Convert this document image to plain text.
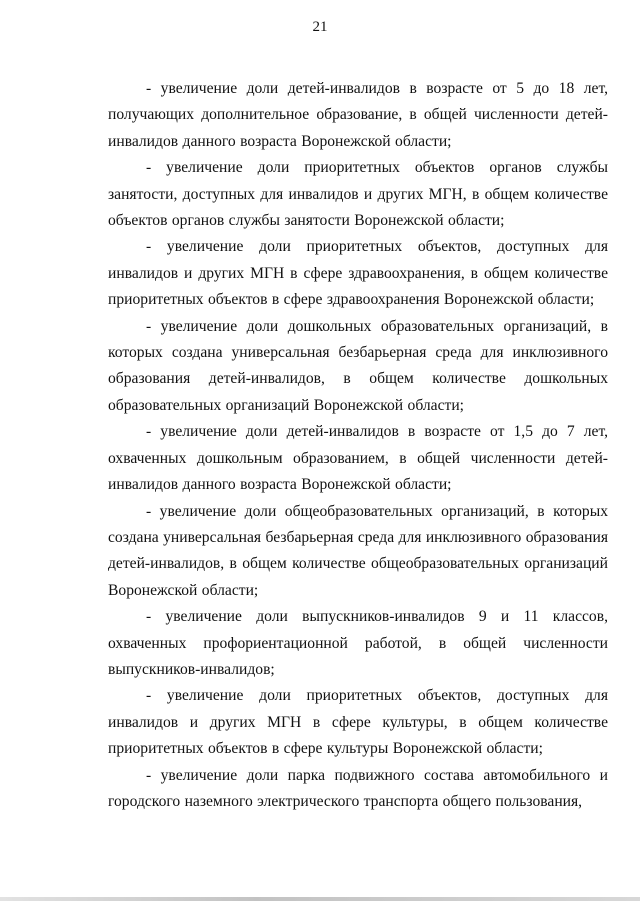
21

- увеличение доли детей-инвалидов в возрасте от 5 до 18 лет, получающих дополнительное образование, в общей численности детей-инвалидов данного возраста Воронежской области;

- увеличение доли приоритетных объектов органов службы занятости, доступных для инвалидов и других МГН, в общем количестве объектов органов службы занятости Воронежской области;

- увеличение доли приоритетных объектов, доступных для инвалидов и других МГН в сфере здравоохранения, в общем количестве приоритетных объектов в сфере здравоохранения Воронежской области;

- увеличение доли дошкольных образовательных организаций, в которых создана универсальная безбарьерная среда для инклюзивного образования детей-инвалидов, в общем количестве дошкольных образовательных организаций Воронежской области;

- увеличение доли детей-инвалидов в возрасте от 1,5 до 7 лет, охваченных дошкольным образованием, в общей численности детей-инвалидов данного возраста Воронежской области;

- увеличение доли общеобразовательных организаций, в которых создана универсальная безбарьерная среда для инклюзивного образования детей-инвалидов, в общем количестве общеобразовательных организаций Воронежской области;

- увеличение доли выпускников-инвалидов 9 и 11 классов, охваченных профориентационной работой, в общей численности выпускников-инвалидов;

- увеличение доли приоритетных объектов, доступных для инвалидов и других МГН в сфере культуры, в общем количестве приоритетных объектов в сфере культуры Воронежской области;

- увеличение доли парка подвижного состава автомобильного и городского наземного электрического транспорта общего пользования,
